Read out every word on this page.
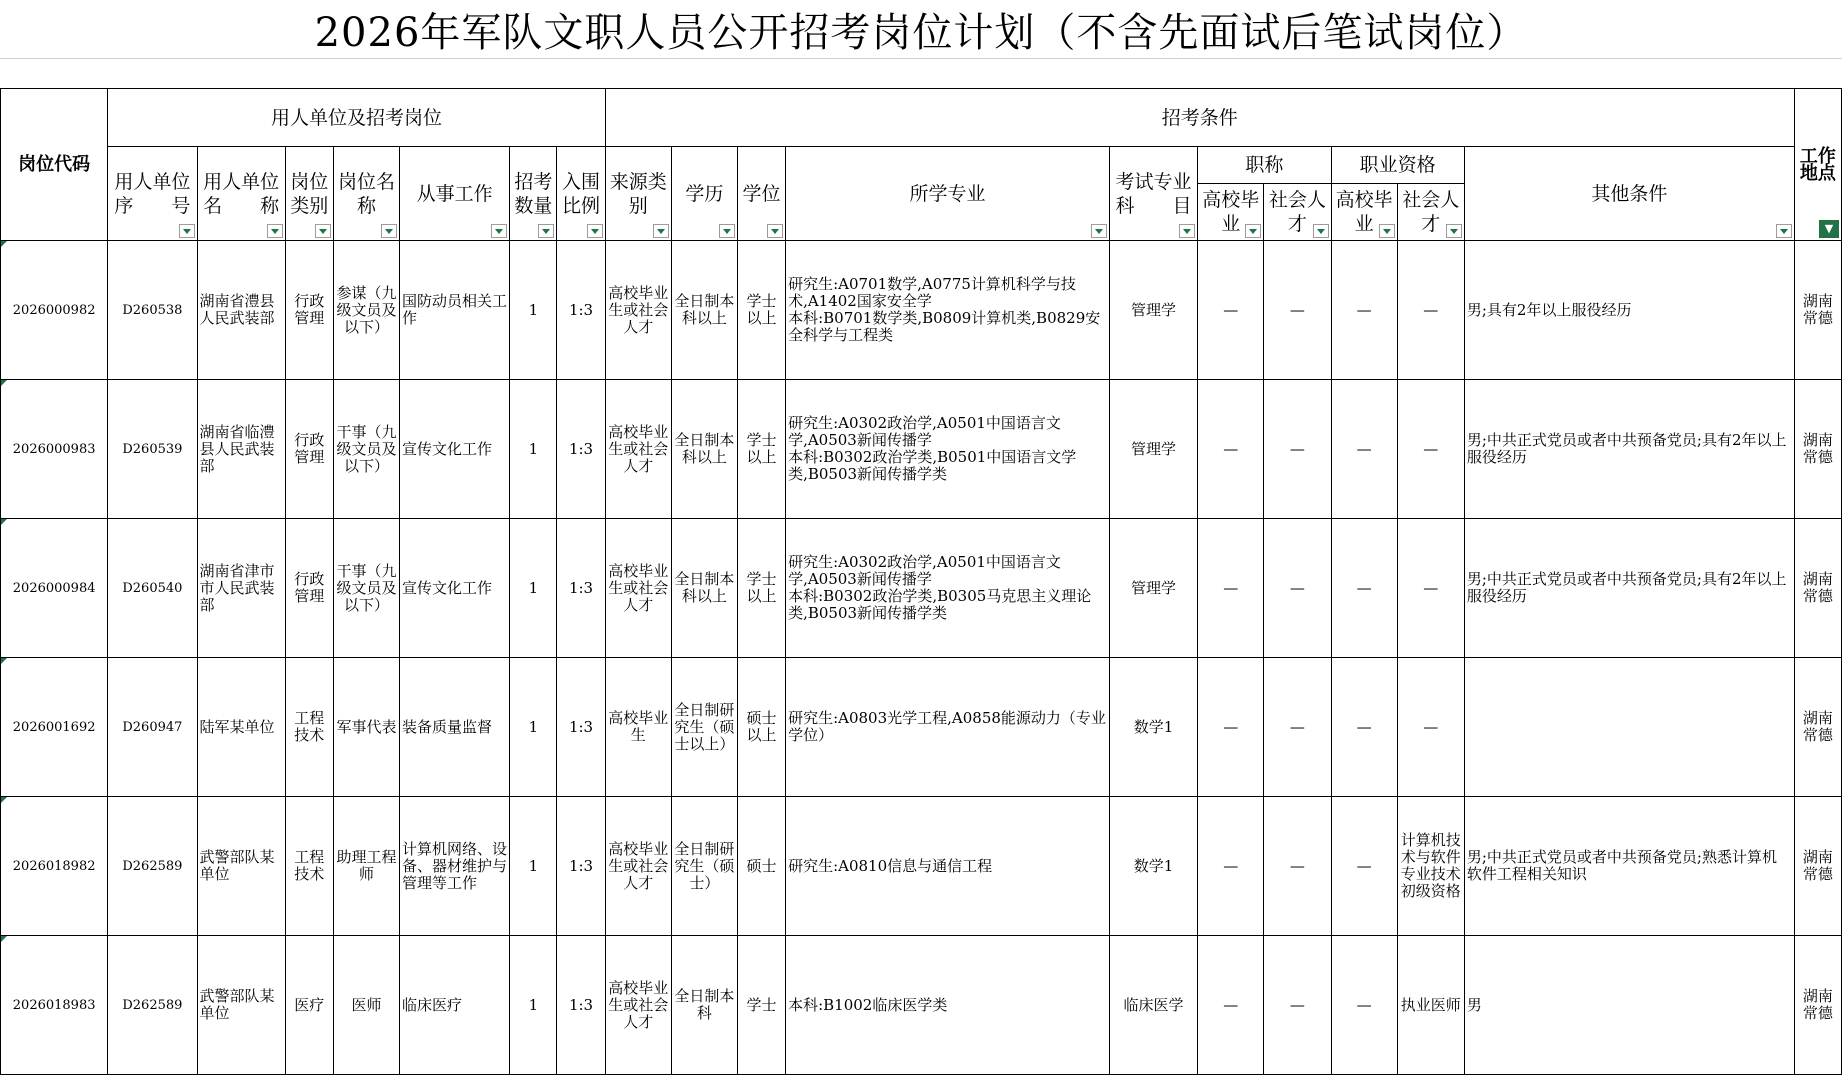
2026年军队文职人员公开招考岗位计划（不含先面试后笔试岗位）
岗位代码	用人单位及招考岗位							招考条件										工作地点
▼

	用人单位序　　号	用人单位名　　称	岗位类别	岗位名称	从事工作	招考数量	入围比例	来源类别	学历	学位	所学专业	考试专业科　　目	职称		职业资格		其他条件	

													高校毕业	社会人才	高校毕业	社会人才		

2026000982	D260538	湖南省澧县人民武装部	行政管理	参谋（九级文员及以下）	国防动员相关工作	1	1:3	高校毕业生或社会人才	全日制本科以上	学士以上	研究生:A0701数学,A0775计算机科学与技术,A1402国家安全学
本科:B0701数学类,B0809计算机类,B0829安全科学与工程类	管理学	—	—	—	—	男;具有2年以上服役经历	湖南常德

2026000983	D260539	湖南省临澧县人民武装部	行政管理	干事（九级文员及以下）	宣传文化工作	1	1:3	高校毕业生或社会人才	全日制本科以上	学士以上	研究生:A0302政治学,A0501中国语言文学,A0503新闻传播学
本科:B0302政治学类,B0501中国语言文学类,B0503新闻传播学类	管理学	—	—	—	—	男;中共正式党员或者中共预备党员;具有2年以上服役经历	湖南常德

2026000984	D260540	湖南省津市市人民武装部	行政管理	干事（九级文员及以下）	宣传文化工作	1	1:3	高校毕业生或社会人才	全日制本科以上	学士以上	研究生:A0302政治学,A0501中国语言文学,A0503新闻传播学
本科:B0302政治学类,B0305马克思主义理论类,B0503新闻传播学类	管理学	—	—	—	—	男;中共正式党员或者中共预备党员;具有2年以上服役经历	湖南常德

2026001692	D260947	陆军某单位	工程技术	军事代表	装备质量监督	1	1:3	高校毕业生	全日制研究生（硕士以上）	硕士以上	研究生:A0803光学工程,A0858能源动力（专业学位）	数学1	—	—	—	—		湖南常德

2026018982	D262589	武警部队某单位	工程技术	助理工程师	计算机网络、设备、器材维护与管理等工作	1	1:3	高校毕业生或社会人才	全日制研究生（硕士）	硕士	研究生:A0810信息与通信工程	数学1	—	—	—	计算机技术与软件专业技术初级资格	男;中共正式党员或者中共预备党员;熟悉计算机软件工程相关知识	湖南常德

2026018983	D262589	武警部队某单位	医疗	医师	临床医疗	1	1:3	高校毕业生或社会人才	全日制本科	学士	本科:B1002临床医学类	临床医学	—	—	—	执业医师	男	湖南常德
